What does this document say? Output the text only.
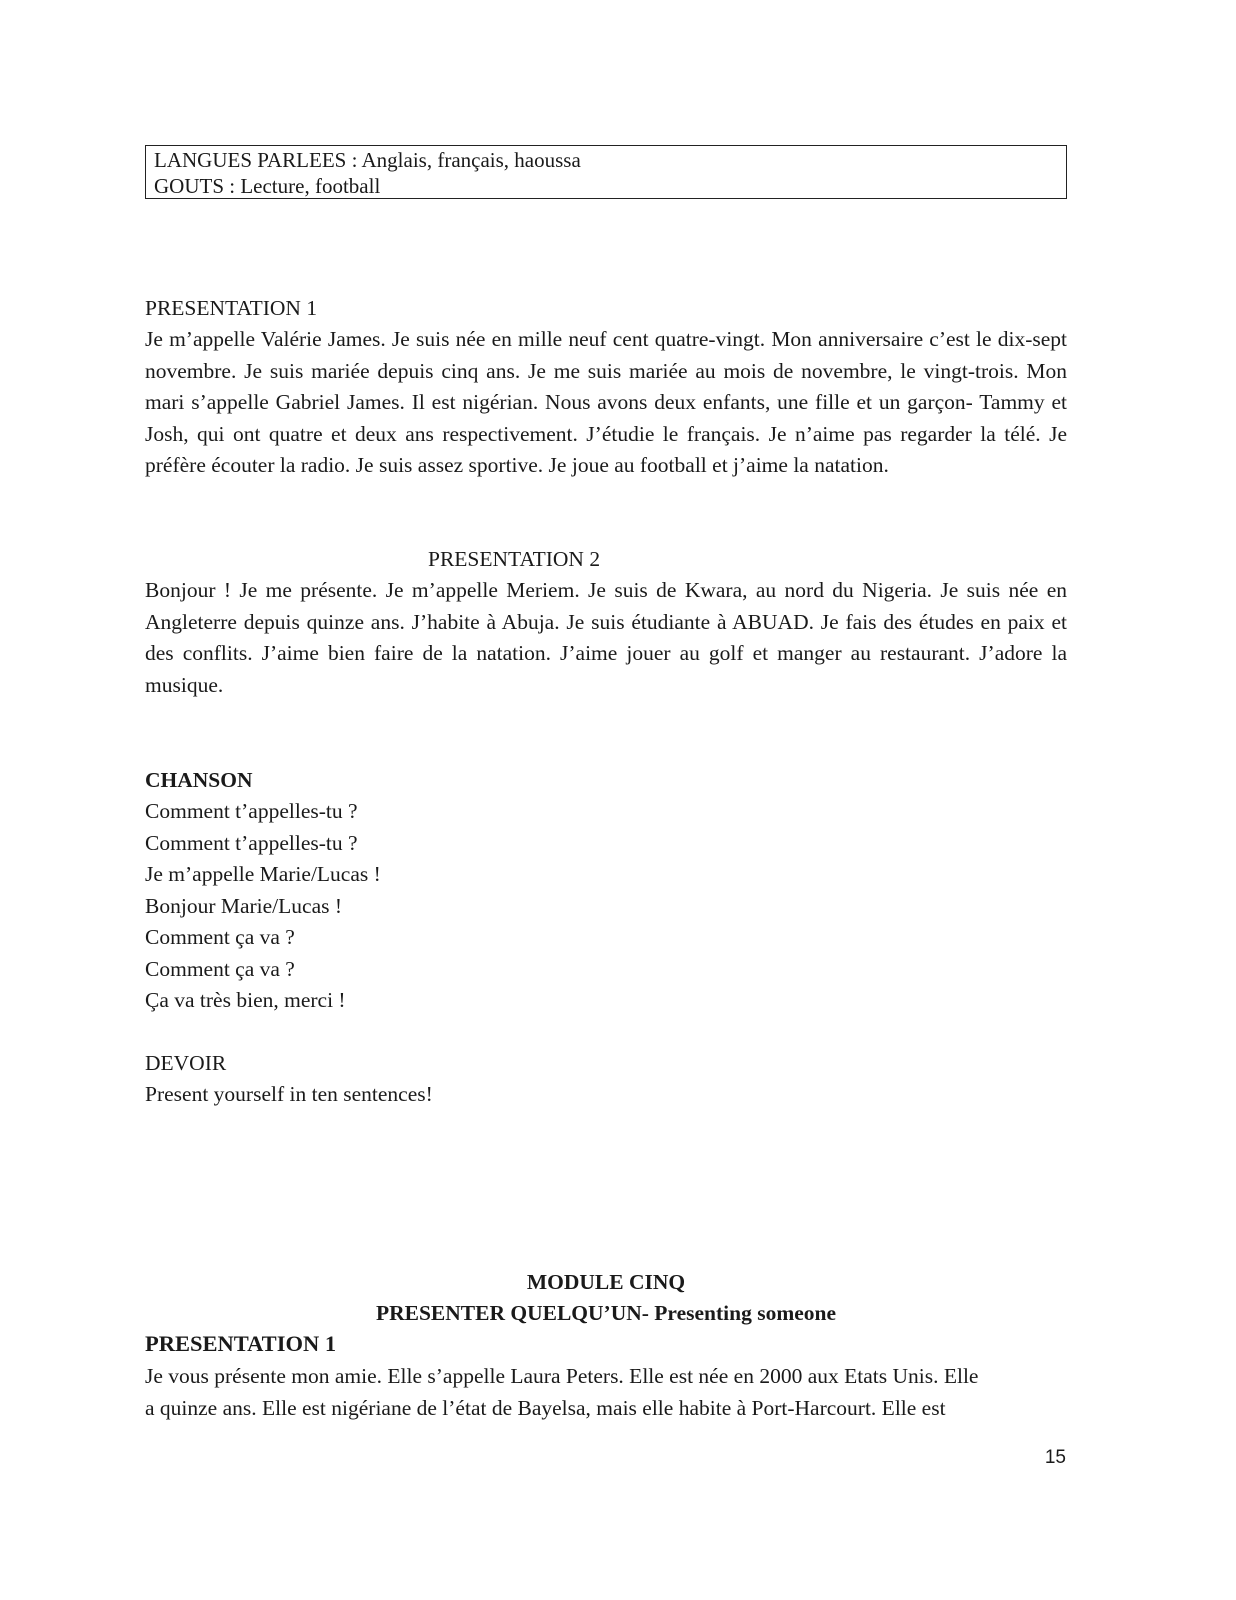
LANGUES PARLEES : Anglais, français, haoussa
GOUTS : Lecture, football
PRESENTATION 1
Je m’appelle Valérie James. Je suis née en mille neuf cent quatre-vingt. Mon anniversaire c’est le dix-sept novembre. Je suis mariée depuis cinq ans. Je me suis mariée au mois de novembre, le vingt-trois. Mon mari s’appelle Gabriel James. Il est nigérian. Nous avons deux enfants, une fille et un garçon- Tammy et Josh, qui ont quatre et deux ans respectivement. J’étudie le français. Je n’aime pas regarder la télé. Je préfère écouter la radio. Je suis assez sportive. Je joue au football et j’aime la natation.
PRESENTATION 2
Bonjour ! Je me présente. Je m’appelle Meriem. Je suis de Kwara, au nord du Nigeria. Je suis née en Angleterre depuis quinze ans. J’habite à Abuja. Je suis étudiante à ABUAD. Je fais des études en paix et des conflits. J’aime bien faire de la natation. J’aime jouer au golf et manger au restaurant. J’adore la musique.
CHANSON
Comment t’appelles-tu ?
Comment t’appelles-tu ?
Je m’appelle Marie/Lucas !
Bonjour Marie/Lucas !
Comment ça va ?
Comment ça va ?
Ça va très bien, merci !
DEVOIR
Present yourself in ten sentences!
MODULE CINQ
PRESENTER QUELQU’UN- Presenting someone
PRESENTATION 1
Je vous présente mon amie. Elle s’appelle Laura Peters. Elle est née en 2000 aux Etats Unis. Elle
a quinze ans. Elle est nigériane de l’état de Bayelsa, mais elle habite à Port-Harcourt. Elle est
15
